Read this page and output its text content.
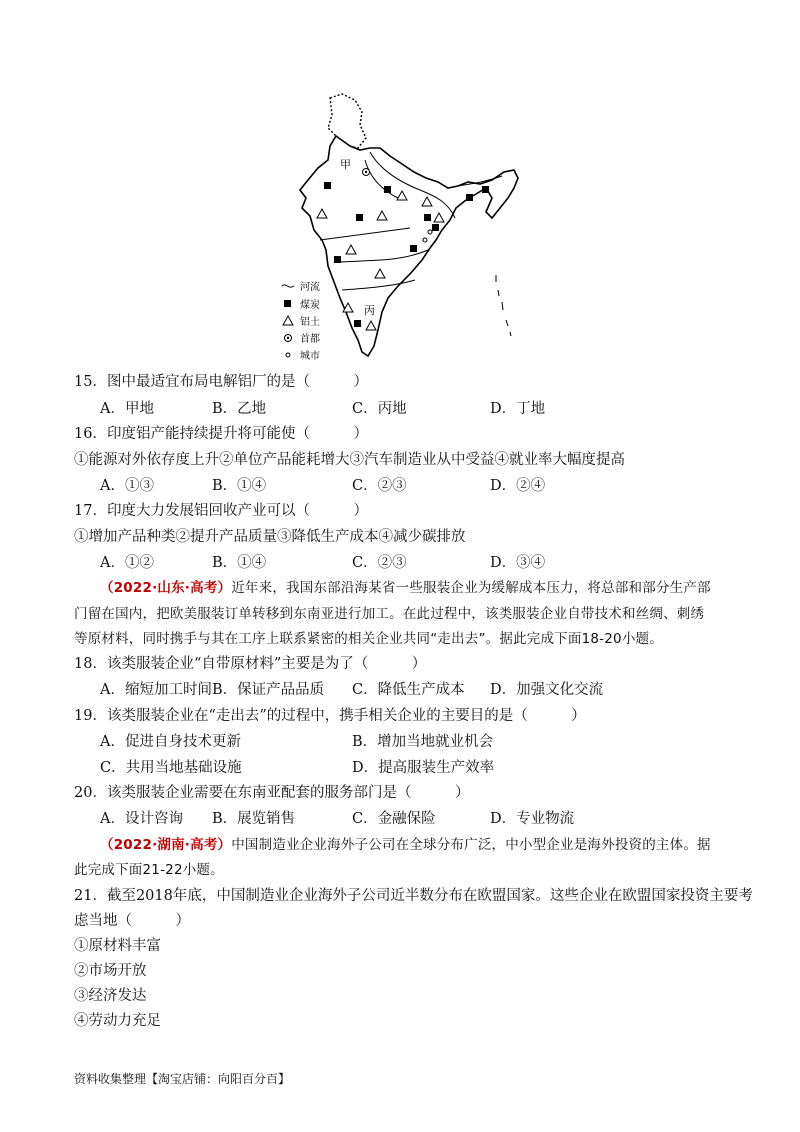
甲
丙
河流
煤炭
铝土
首都
城市
15．图中最适宜布局电解铝厂的是（　　　）
A．甲地	B．乙地	C．丙地	D．丁地
16．印度铝产能持续提升将可能使（　　　）
①能源对外依存度上升②单位产品能耗增大③汽车制造业从中受益④就业率大幅度提高
A．①③	B．①④	C．②③	D．②④
17．印度大力发展铝回收产业可以（　　　）
①增加产品种类②提升产品质量③降低生产成本④减少碳排放
A．①②	B．①④	C．②③	D．③④
（2022·山东·高考）近年来，我国东部沿海某省一些服装企业为缓解成本压力，将总部和部分生产部
门留在国内，把欧美服装订单转移到东南亚进行加工。在此过程中，该类服装企业自带技术和丝绸、刺绣
等原材料，同时携手与其在工序上联系紧密的相关企业共同“走出去”。据此完成下面18-20小题。
18．该类服装企业“自带原材料”主要是为了（　　　）
A．缩短加工时间 B．保证产品品质 C．降低生产成本 D．加强文化交流
19．该类服装企业在“走出去”的过程中，携手相关企业的主要目的是（　　　）
A．促进自身技术更新	B．增加当地就业机会
C．共用当地基础设施	D．提高服装生产效率
20．该类服装企业需要在东南亚配套的服务部门是（　　　）
A．设计咨询 B．展览销售	C．金融保险	D．专业物流
（2022·湖南·高考）中国制造业企业海外子公司在全球分布广泛，中小型企业是海外投资的主体。据
此完成下面21-22小题。
21．截至2018年底，中国制造业企业海外子公司近半数分布在欧盟国家。这些企业在欧盟国家投资主要考
虑当地（　　　）
①原材料丰富
②市场开放
③经济发达
④劳动力充足
资料收集整理【淘宝店铺：向阳百分百】
